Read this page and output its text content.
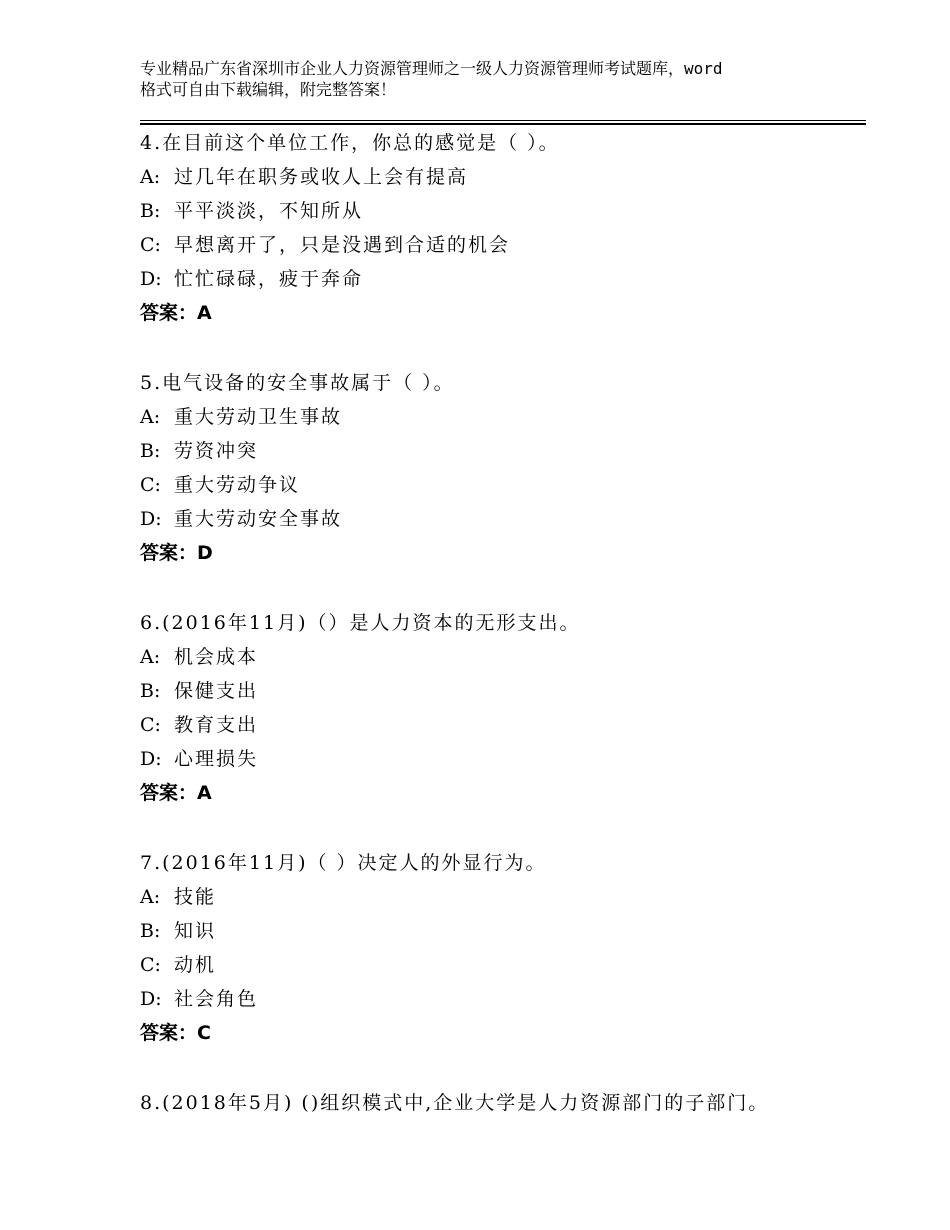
专业精品广东省深圳市企业人力资源管理师之一级人力资源管理师考试题库，word
格式可自由下载编辑，附完整答案！
4.在目前这个单位工作，你总的感觉是（ ）。
A: 过几年在职务或收人上会有提高
B: 平平淡淡，不知所从
C: 早想离开了，只是没遇到合适的机会
D: 忙忙碌碌，疲于奔命
答案：A
5.电气设备的安全事故属于（ ）。
A: 重大劳动卫生事故
B: 劳资冲突
C: 重大劳动争议
D: 重大劳动安全事故
答案：D
6.(2016年11月)（）是人力资本的无形支出。
A: 机会成本
B: 保健支出
C: 教育支出
D: 心理损失
答案：A
7.(2016年11月)（ ）决定人的外显行为。
A: 技能
B: 知识
C: 动机
D: 社会角色
答案：C
8.(2018年5月) ()组织模式中,企业大学是人力资源部门的子部门。
